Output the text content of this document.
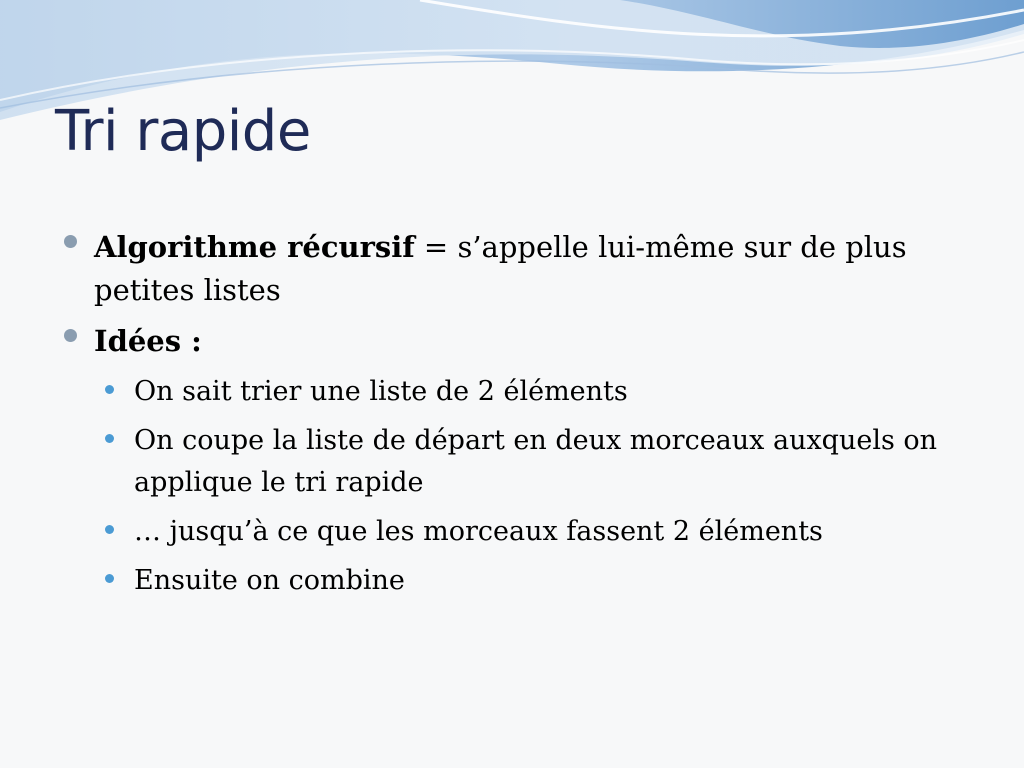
Tri rapide
Algorithme récursif = s’appelle lui-même sur de plus petites listes
Idées :
On sait trier une liste de 2 éléments
On coupe la liste de départ en deux morceaux auxquels on applique le tri rapide
… jusqu’à ce que les morceaux fassent 2 éléments
Ensuite on combine
